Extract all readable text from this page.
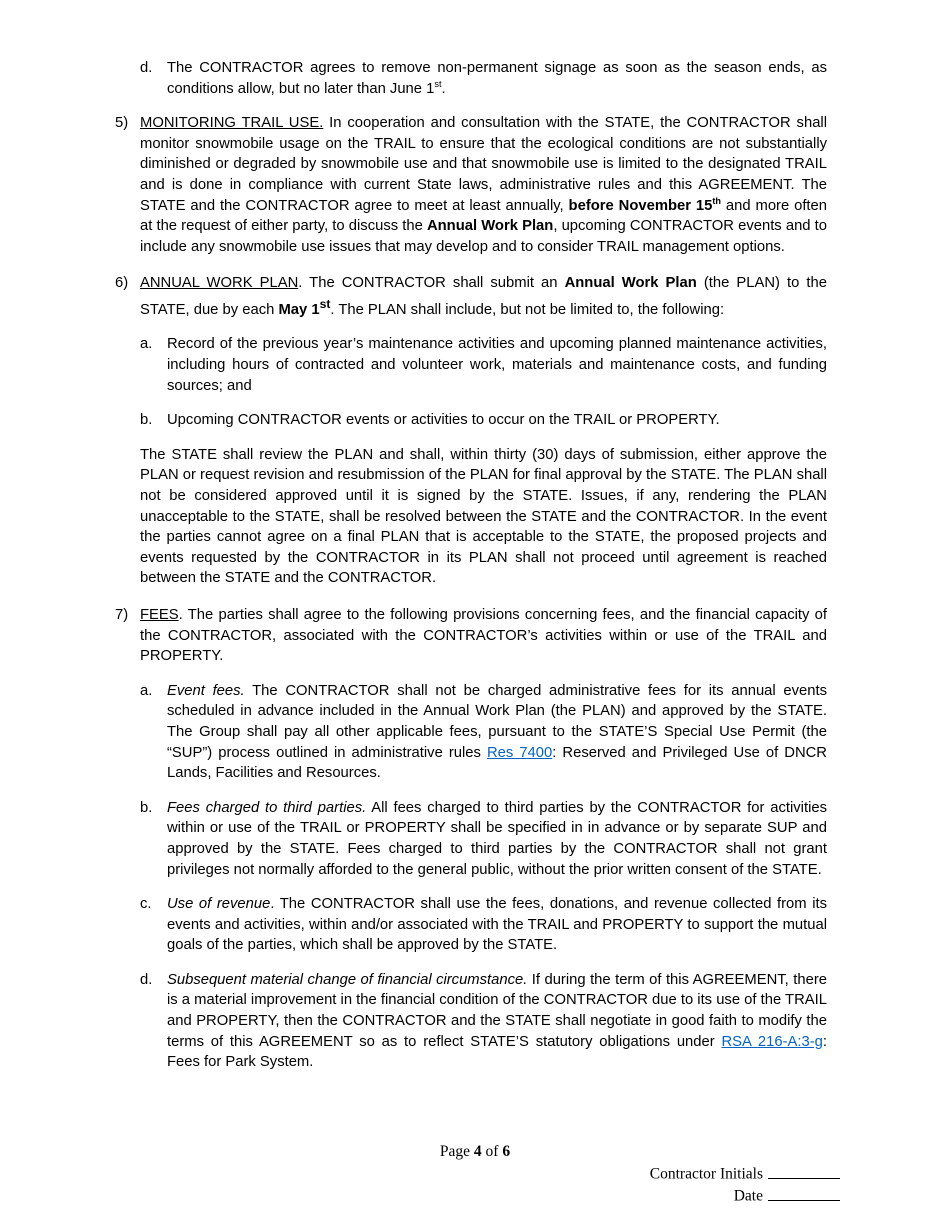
d. The CONTRACTOR agrees to remove non-permanent signage as soon as the season ends, as conditions allow, but no later than June 1st.
5) MONITORING TRAIL USE. In cooperation and consultation with the STATE, the CONTRACTOR shall monitor snowmobile usage on the TRAIL to ensure that the ecological conditions are not substantially diminished or degraded by snowmobile use and that snowmobile use is limited to the designated TRAIL and is done in compliance with current State laws, administrative rules and this AGREEMENT. The STATE and the CONTRACTOR agree to meet at least annually, before November 15th and more often at the request of either party, to discuss the Annual Work Plan, upcoming CONTRACTOR events and to include any snowmobile use issues that may develop and to consider TRAIL management options.
6) ANNUAL WORK PLAN. The CONTRACTOR shall submit an Annual Work Plan (the PLAN) to the STATE, due by each May 1st. The PLAN shall include, but not be limited to, the following:
a. Record of the previous year’s maintenance activities and upcoming planned maintenance activities, including hours of contracted and volunteer work, materials and maintenance costs, and funding sources; and
b. Upcoming CONTRACTOR events or activities to occur on the TRAIL or PROPERTY.
The STATE shall review the PLAN and shall, within thirty (30) days of submission, either approve the PLAN or request revision and resubmission of the PLAN for final approval by the STATE. The PLAN shall not be considered approved until it is signed by the STATE. Issues, if any, rendering the PLAN unacceptable to the STATE, shall be resolved between the STATE and the CONTRACTOR. In the event the parties cannot agree on a final PLAN that is acceptable to the STATE, the proposed projects and events requested by the CONTRACTOR in its PLAN shall not proceed until agreement is reached between the STATE and the CONTRACTOR.
7) FEES. The parties shall agree to the following provisions concerning fees, and the financial capacity of the CONTRACTOR, associated with the CONTRACTOR’s activities within or use of the TRAIL and PROPERTY.
a. Event fees. The CONTRACTOR shall not be charged administrative fees for its annual events scheduled in advance included in the Annual Work Plan (the PLAN) and approved by the STATE. The Group shall pay all other applicable fees, pursuant to the STATE’S Special Use Permit (the “SUP”) process outlined in administrative rules Res 7400: Reserved and Privileged Use of DNCR Lands, Facilities and Resources.
b. Fees charged to third parties. All fees charged to third parties by the CONTRACTOR for activities within or use of the TRAIL or PROPERTY shall be specified in in advance or by separate SUP and approved by the STATE. Fees charged to third parties by the CONTRACTOR shall not grant privileges not normally afforded to the general public, without the prior written consent of the STATE.
c.	Use of revenue. The CONTRACTOR shall use the fees, donations, and revenue collected from its events and activities, within and/or associated with the TRAIL and PROPERTY to support the mutual goals of the parties, which shall be approved by the STATE.
d. Subsequent material change of financial circumstance. If during the term of this AGREEMENT, there is a material improvement in the financial condition of the CONTRACTOR due to its use of the TRAIL and PROPERTY, then the CONTRACTOR and the STATE shall negotiate in good faith to modify the terms of this AGREEMENT so as to reflect STATE’S statutory obligations under RSA 216-A:3-g: Fees for Park System.
Page 4 of 6
Contractor Initials
Date
